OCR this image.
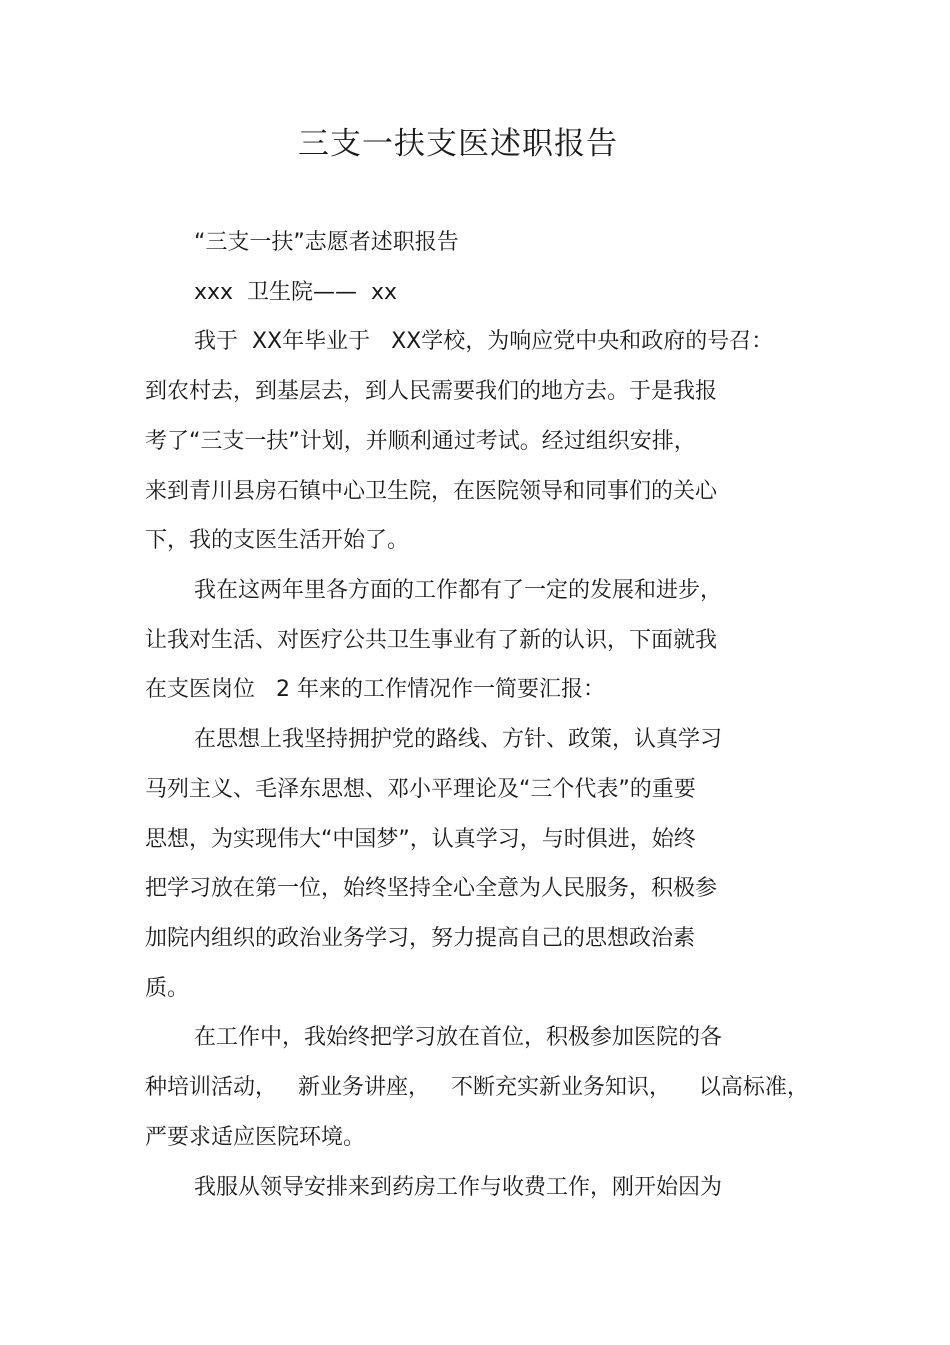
三支一扶支医述职报告
“三支一扶”志愿者述职报告
xxx  卫生院——  xx
我于  XX年毕业于   XX学校，为响应党中央和政府的号召：
到农村去，到基层去，到人民需要我们的地方去。于是我报
考了“三支一扶”计划，并顺利通过考试。经过组织安排，
来到青川县房石镇中心卫生院，在医院领导和同事们的关心
下，我的支医生活开始了。
我在这两年里各方面的工作都有了一定的发展和进步，
让我对生活、对医疗公共卫生事业有了新的认识，下面就我
在支医岗位   2 年来的工作情况作一简要汇报：
在思想上我坚持拥护党的路线、方针、政策，认真学习
马列主义、毛泽东思想、邓小平理论及“三个代表”的重要
思想，为实现伟大“中国梦”，认真学习，与时俱进，始终
把学习放在第一位，始终坚持全心全意为人民服务，积极参
加院内组织的政治业务学习，努力提高自己的思想政治素
质。
在工作中，我始终把学习放在首位，积极参加医院的各
种培训活动，   新业务讲座，   不断充实新业务知识，    以高标准，
严要求适应医院环境。
我服从领导安排来到药房工作与收费工作，刚开始因为
